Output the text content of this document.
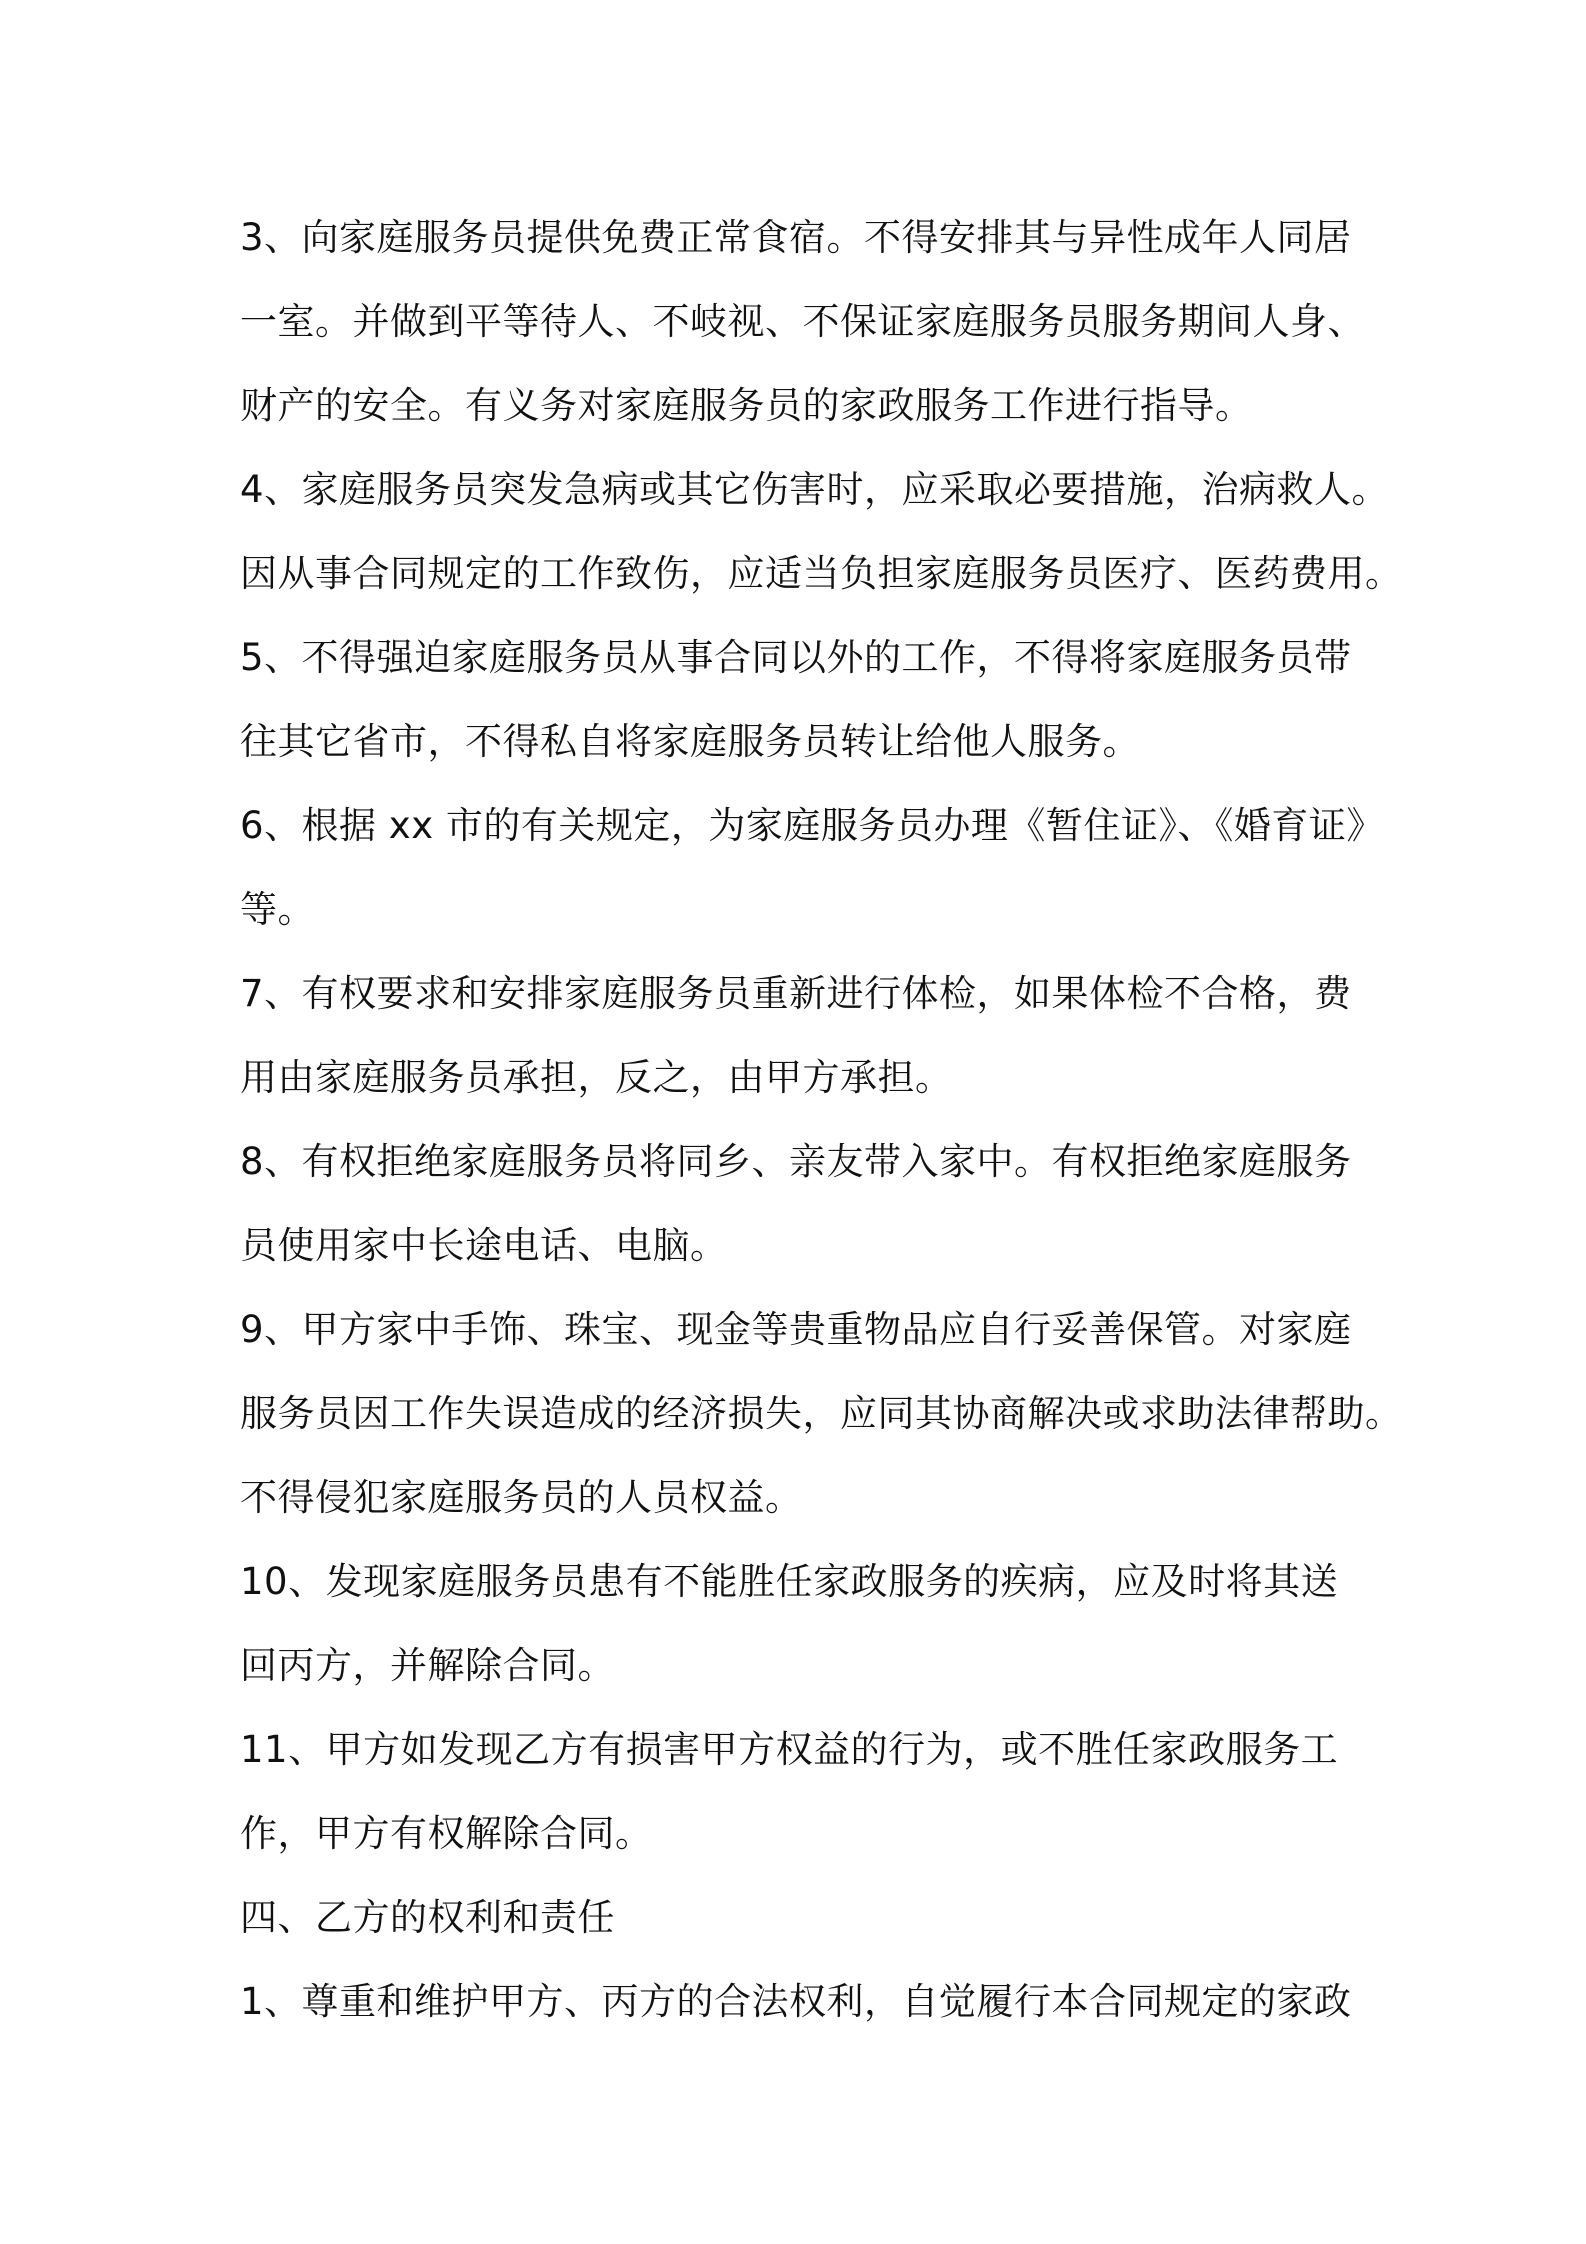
3、向家庭服务员提供免费正常食宿。不得安排其与异性成年人同居
一室。并做到平等待人、不岐视、不保证家庭服务员服务期间人身、
财产的安全。有义务对家庭服务员的家政服务工作进行指导。
4、家庭服务员突发急病或其它伤害时，应采取必要措施，治病救人。
因从事合同规定的工作致伤，应适当负担家庭服务员医疗、医药费用。
5、不得强迫家庭服务员从事合同以外的工作，不得将家庭服务员带
往其它省市，不得私自将家庭服务员转让给他人服务。
6、根据 xx 市的有关规定，为家庭服务员办理《暂住证》、《婚育证》
等。
7、有权要求和安排家庭服务员重新进行体检，如果体检不合格，费
用由家庭服务员承担，反之，由甲方承担。
8、有权拒绝家庭服务员将同乡、亲友带入家中。有权拒绝家庭服务
员使用家中长途电话、电脑。
9、甲方家中手饰、珠宝、现金等贵重物品应自行妥善保管。对家庭
服务员因工作失误造成的经济损失，应同其协商解决或求助法律帮助。
不得侵犯家庭服务员的人员权益。
10、发现家庭服务员患有不能胜任家政服务的疾病，应及时将其送
回丙方，并解除合同。
11、甲方如发现乙方有损害甲方权益的行为，或不胜任家政服务工
作，甲方有权解除合同。
四、乙方的权利和责任
1、尊重和维护甲方、丙方的合法权利，自觉履行本合同规定的家政
